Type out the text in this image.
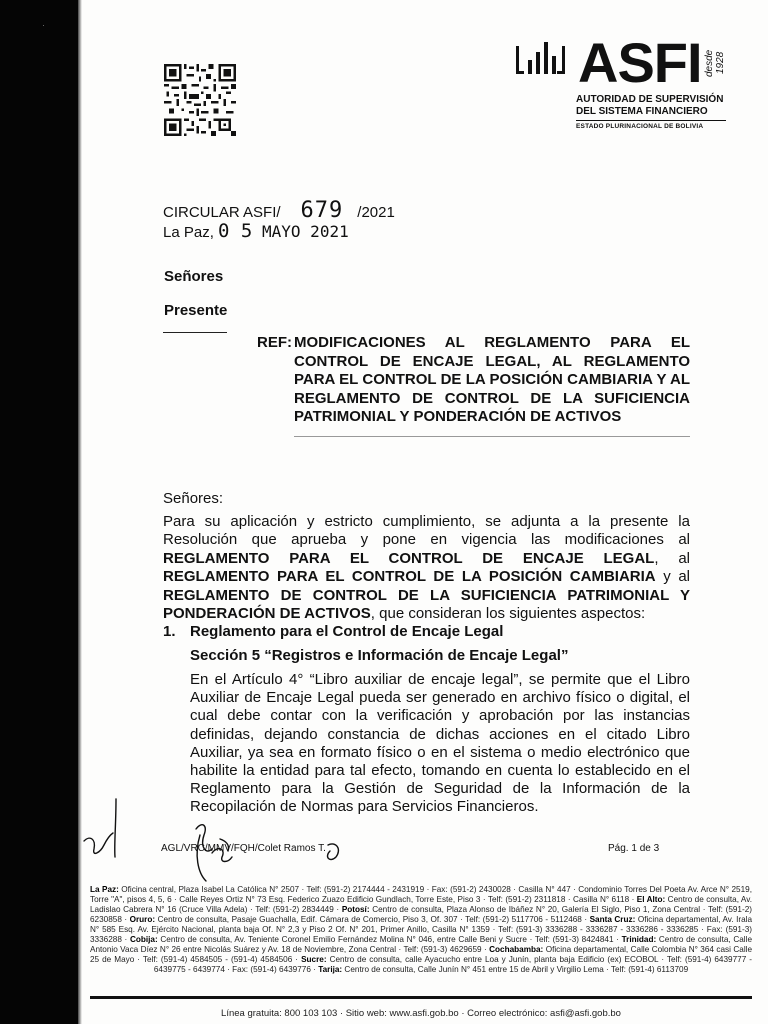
·
ASFI desde 1928
AUTORIDAD DE SUPERVISIÓN
DEL SISTEMA FINANCIERO
ESTADO PLURINACIONAL DE BOLIVIA
CIRCULAR ASFI/ 679 /2021
La Paz, 0 5 MAYO 2021
Señores
Presente
REF: MODIFICACIONES AL REGLAMENTO PARA EL CONTROL DE ENCAJE LEGAL, AL REGLAMENTO PARA EL CONTROL DE LA POSICIÓN CAMBIARIA Y AL REGLAMENTO DE CONTROL DE LA SUFICIENCIA PATRIMONIAL Y PONDERACIÓN DE ACTIVOS
Señores:
Para su aplicación y estricto cumplimiento, se adjunta a la presente la Resolución que aprueba y pone en vigencia las modificaciones al REGLAMENTO PARA EL CONTROL DE ENCAJE LEGAL, al REGLAMENTO PARA EL CONTROL DE LA POSICIÓN CAMBIARIA y al REGLAMENTO DE CONTROL DE LA SUFICIENCIA PATRIMONIAL Y PONDERACIÓN DE ACTIVOS, que consideran los siguientes aspectos:
1. Reglamento para el Control de Encaje Legal
Sección 5 “Registros e Información de Encaje Legal”
En el Artículo 4° “Libro auxiliar de encaje legal”, se permite que el Libro Auxiliar de Encaje Legal pueda ser generado en archivo físico o digital, el cual debe contar con la verificación y aprobación por las instancias definidas, dejando constancia de dichas acciones en el citado Libro Auxiliar, ya sea en formato físico o en el sistema o medio electrónico que habilite la entidad para tal efecto, tomando en cuenta lo establecido en el Reglamento para la Gestión de Seguridad de la Información de la Recopilación de Normas para Servicios Financieros.
AGL/VRC/MMV/FQH/Colet Ramos T.	Pág. 1 de 3
La Paz: Oficina central, Plaza Isabel La Católica N° 2507 · Telf: (591-2) 2174444 - 2431919 · Fax: (591-2) 2430028 · Casilla N° 447 · Condominio Torres Del Poeta Av. Arce N° 2519, Torre "A", pisos 4, 5, 6 · Calle Reyes Ortiz N° 73 Esq. Federico Zuazo Edificio Gundlach, Torre Este, Piso 3 · Telf: (591-2) 2311818 · Casilla N° 6118 · El Alto: Centro de consulta, Av. Ladislao Cabrera N° 16 (Cruce Villa Adela) · Telf: (591-2) 2834449 · Potosí: Centro de consulta, Plaza Alonso de Ibáñez N° 20, Galería El Siglo, Piso 1, Zona Central · Telf: (591-2) 6230858 · Oruro: Centro de consulta, Pasaje Guachalla, Edif. Cámara de Comercio, Piso 3, Of. 307 · Telf: (591-2) 5117706 - 5112468 · Santa Cruz: Oficina departamental, Av. Irala N° 585 Esq. Av. Ejército Nacional, planta baja Of. N° 2,3 y Piso 2 Of. N° 201, Primer Anillo, Casilla N° 1359 · Telf: (591-3) 3336288 - 3336287 - 3336286 - 3336285 · Fax: (591-3) 3336288 · Cobija: Centro de consulta, Av. Teniente Coronel Emilio Fernández Molina N° 046, entre Calle Beni y Sucre · Telf: (591-3) 8424841 · Trinidad: Centro de consulta, Calle Antonio Vaca Díez N° 26 entre Nicolás Suárez y Av. 18 de Noviembre, Zona Central · Telf: (591-3) 4629659 · Cochabamba: Oficina departamental, Calle Colombia N° 364 casi Calle 25 de Mayo · Telf: (591-4) 4584505 - (591-4) 4584506 · Sucre: Centro de consulta, calle Ayacucho entre Loa y Junín, planta baja Edificio (ex) ECOBOL · Telf: (591-4) 6439777 - 6439775 - 6439774 · Fax: (591-4) 6439776 · Tarija: Centro de consulta, Calle Junín N° 451 entre 15 de Abril y Virgilio Lema · Telf: (591-4) 6113709
Línea gratuita: 800 103 103 · Sitio web: www.asfi.gob.bo · Correo electrónico: asfi@asfi.gob.bo
